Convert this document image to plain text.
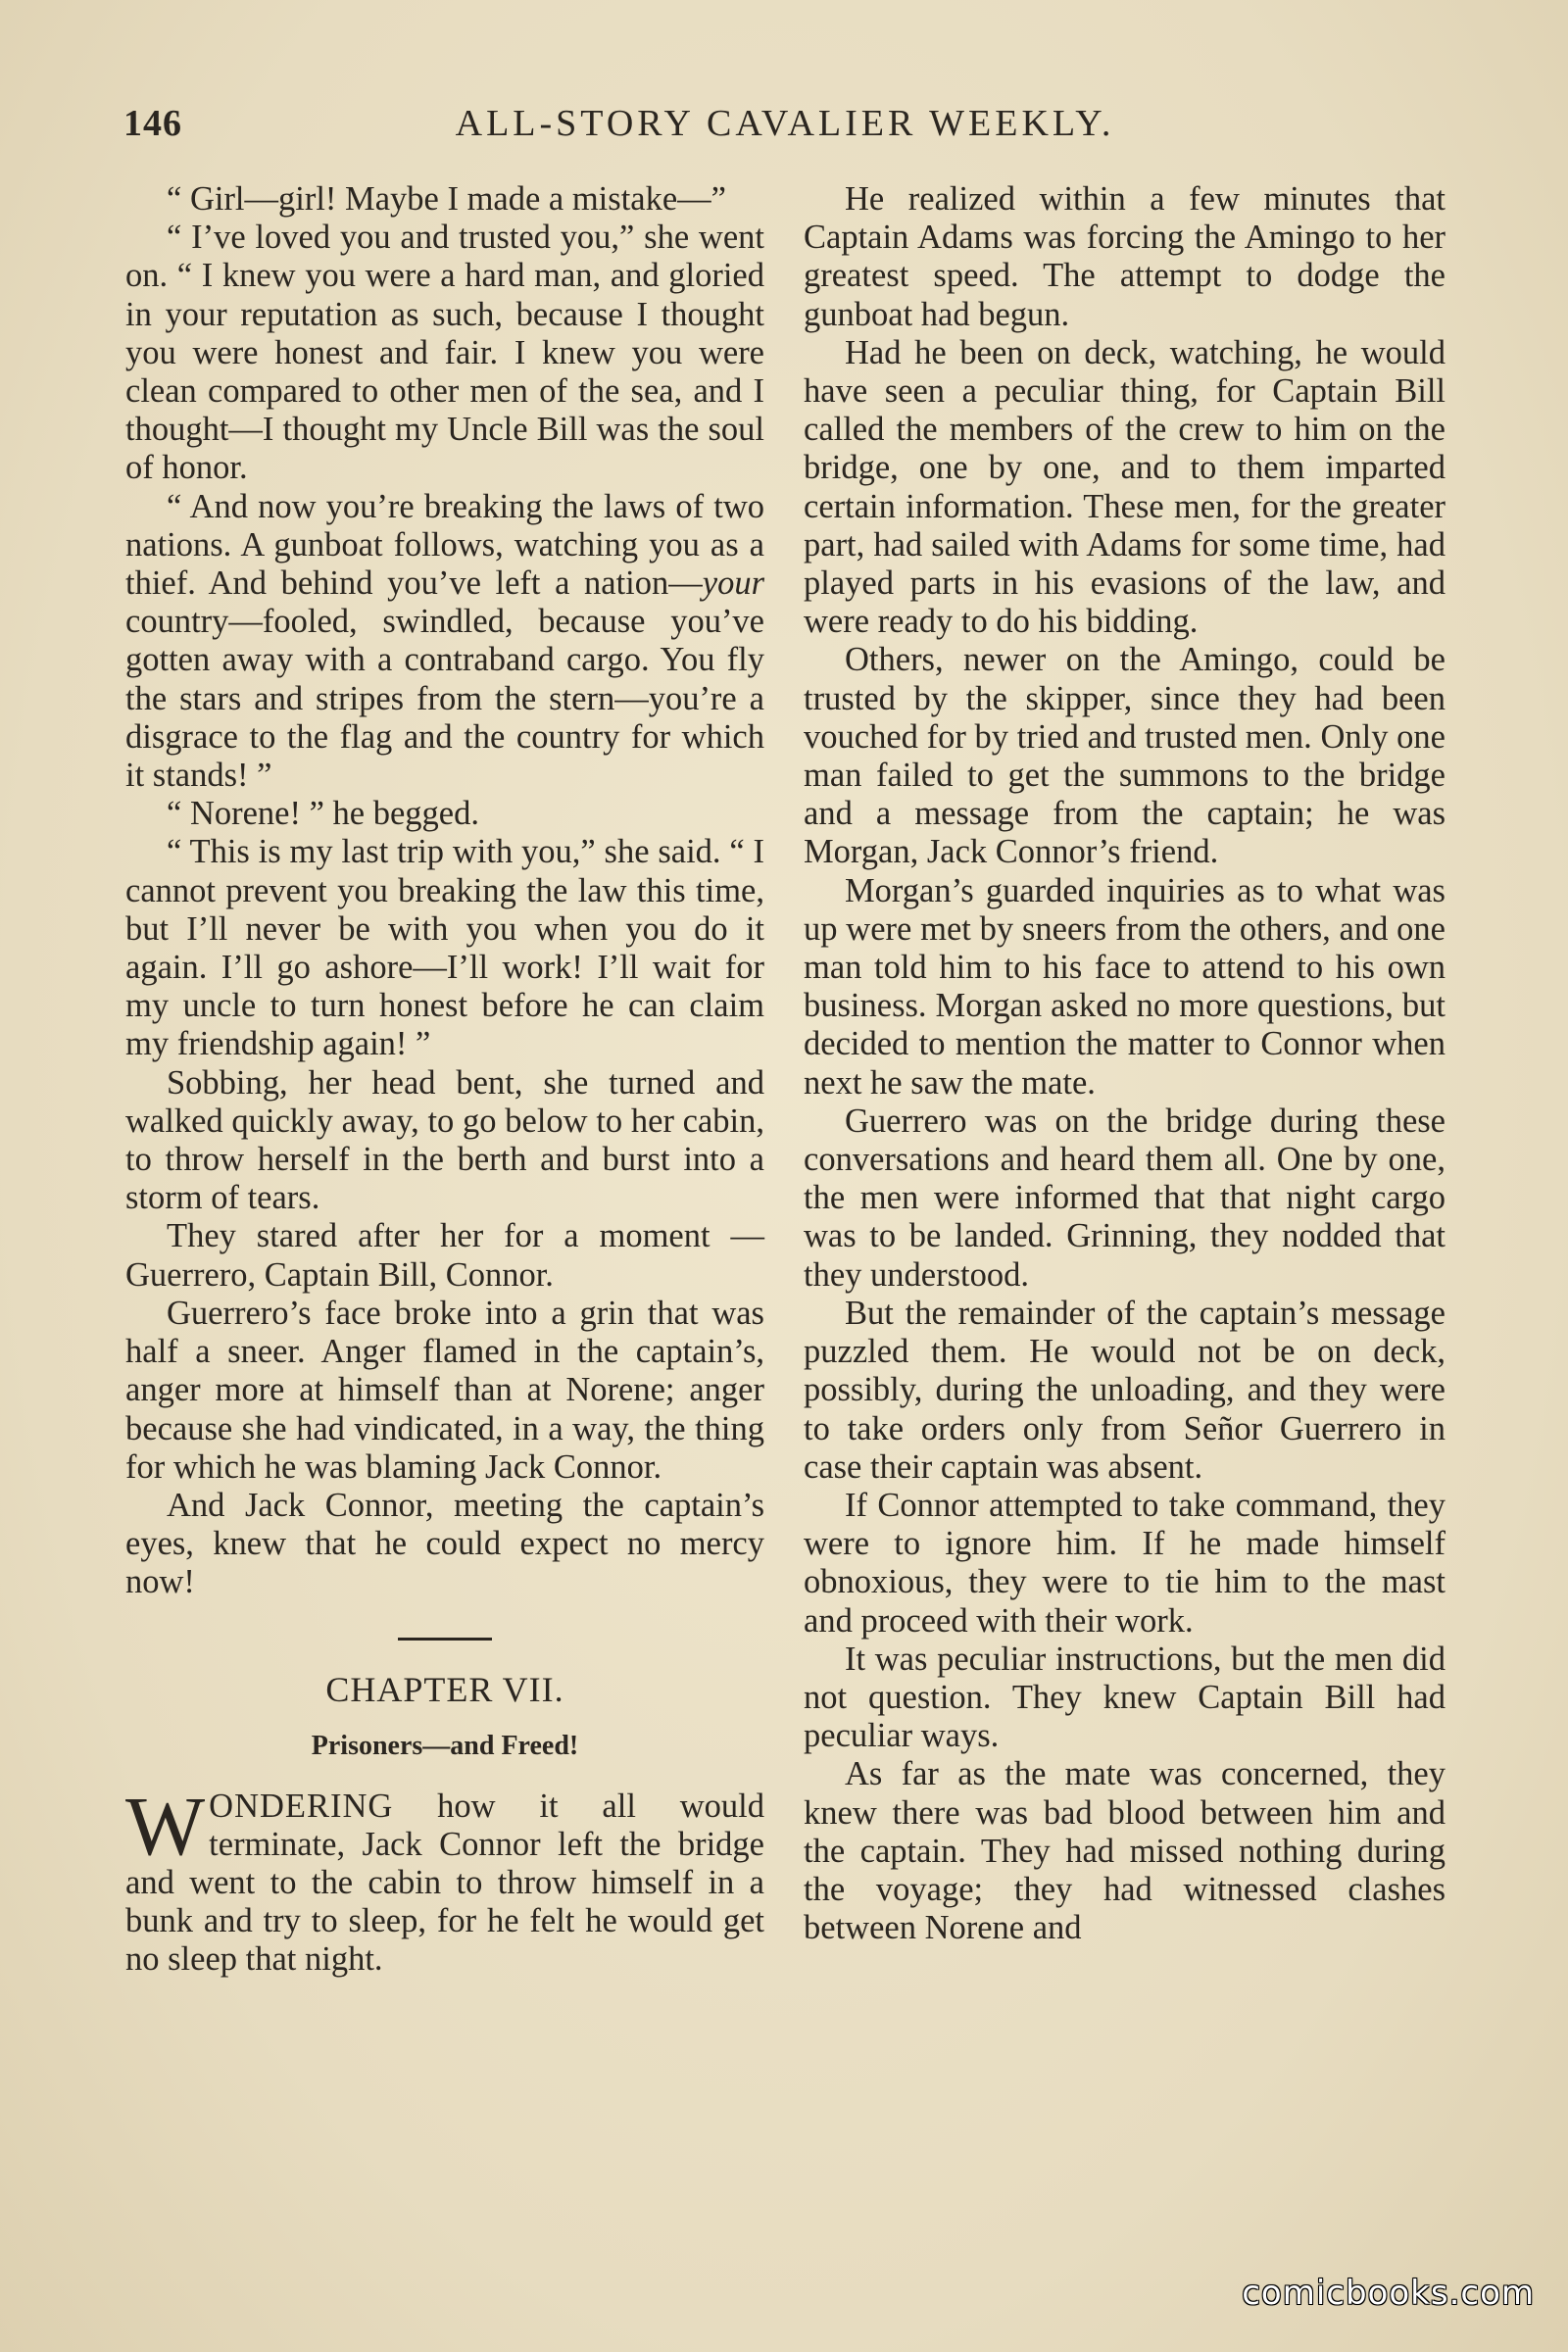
146	ALL-STORY CAVALIER WEEKLY.

“ Girl—girl! Maybe I made a mistake—”

“ I’ve loved you and trusted you,” she went on. “ I knew you were a hard man, and gloried in your reputation as such, because I thought you were honest and fair. I knew you were clean compared to other men of the sea, and I thought—I thought my Uncle Bill was the soul of honor.

“ And now you’re breaking the laws of two nations. A gunboat follows, watching you as a thief. And behind you’ve left a nation—your country—fooled, swindled, because you’ve gotten away with a contraband cargo. You fly the stars and stripes from the stern—you’re a disgrace to the flag and the country for which it stands! ”

“ Norene! ” he begged.

“ This is my last trip with you,” she said. “ I cannot prevent you breaking the law this time, but I’ll never be with you when you do it again. I’ll go ashore—I’ll work! I’ll wait for my uncle to turn honest before he can claim my friendship again! ”

Sobbing, her head bent, she turned and walked quickly away, to go below to her cabin, to throw herself in the berth and burst into a storm of tears.

They stared after her for a moment —Guerrero, Captain Bill, Connor.

Guerrero’s face broke into a grin that was half a sneer. Anger flamed in the captain’s, anger more at himself than at Norene; anger because she had vindicated, in a way, the thing for which he was blaming Jack Connor.

And Jack Connor, meeting the captain’s eyes, knew that he could expect no mercy now!

CHAPTER VII.
Prisoners—and Freed!

WONDERING how it all would terminate, Jack Connor left the bridge and went to the cabin to throw himself in a bunk and try to sleep, for he felt he would get no sleep that night.

He realized within a few minutes that Captain Adams was forcing the Amingo to her greatest speed. The attempt to dodge the gunboat had begun.

Had he been on deck, watching, he would have seen a peculiar thing, for Captain Bill called the members of the crew to him on the bridge, one by one, and to them imparted certain information. These men, for the greater part, had sailed with Adams for some time, had played parts in his evasions of the law, and were ready to do his bidding.

Others, newer on the Amingo, could be trusted by the skipper, since they had been vouched for by tried and trusted men. Only one man failed to get the summons to the bridge and a message from the captain; he was Morgan, Jack Connor’s friend.

Morgan’s guarded inquiries as to what was up were met by sneers from the others, and one man told him to his face to attend to his own business. Morgan asked no more questions, but decided to mention the matter to Connor when next he saw the mate.

Guerrero was on the bridge during these conversations and heard them all. One by one, the men were informed that that night cargo was to be landed. Grinning, they nodded that they understood.

But the remainder of the captain’s message puzzled them. He would not be on deck, possibly, during the unloading, and they were to take orders only from Señor Guerrero in case their captain was absent.

If Connor attempted to take command, they were to ignore him. If he made himself obnoxious, they were to tie him to the mast and proceed with their work.

It was peculiar instructions, but the men did not question. They knew Captain Bill had peculiar ways.

As far as the mate was concerned, they knew there was bad blood between him and the captain. They had missed nothing during the voyage; they had witnessed clashes between Norene and

comicbooks.com
